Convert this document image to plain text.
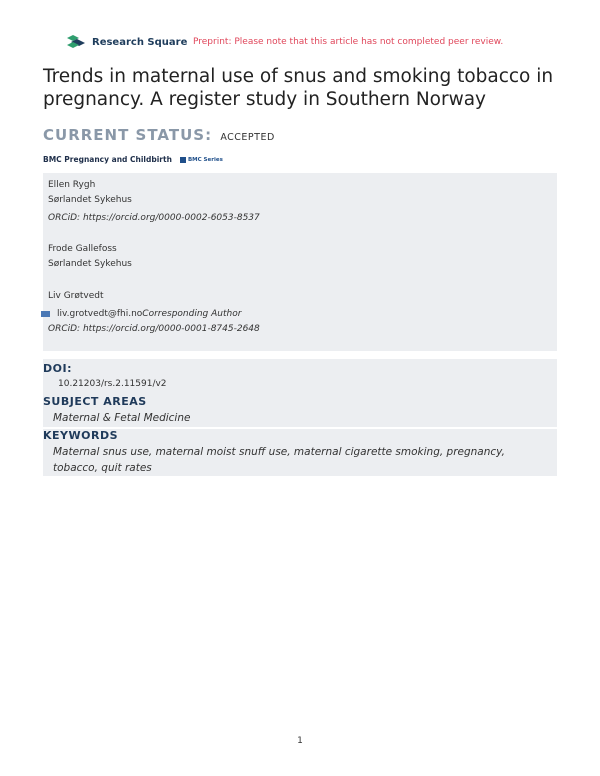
Research Square Preprint: Please note that this article has not completed peer review.
Trends in maternal use of snus and smoking tobacco in pregnancy. A register study in Southern Norway
CURRENT STATUS: ACCEPTED
BMC Pregnancy and Childbirth	BMC Series
Ellen Rygh
Sørlandet Sykehus
ORCiD: https://orcid.org/0000-0002-6053-8537
Frode Gallefoss
Sørlandet Sykehus
Liv Grøtvedt
liv.grotvedt@fhi.noCorresponding Author
ORCiD: https://orcid.org/0000-0001-8745-2648
DOI:
10.21203/rs.2.11591/v2
SUBJECT AREAS
Maternal & Fetal Medicine
KEYWORDS
Maternal snus use, maternal moist snuff use, maternal cigarette smoking, pregnancy, tobacco, quit rates
1
